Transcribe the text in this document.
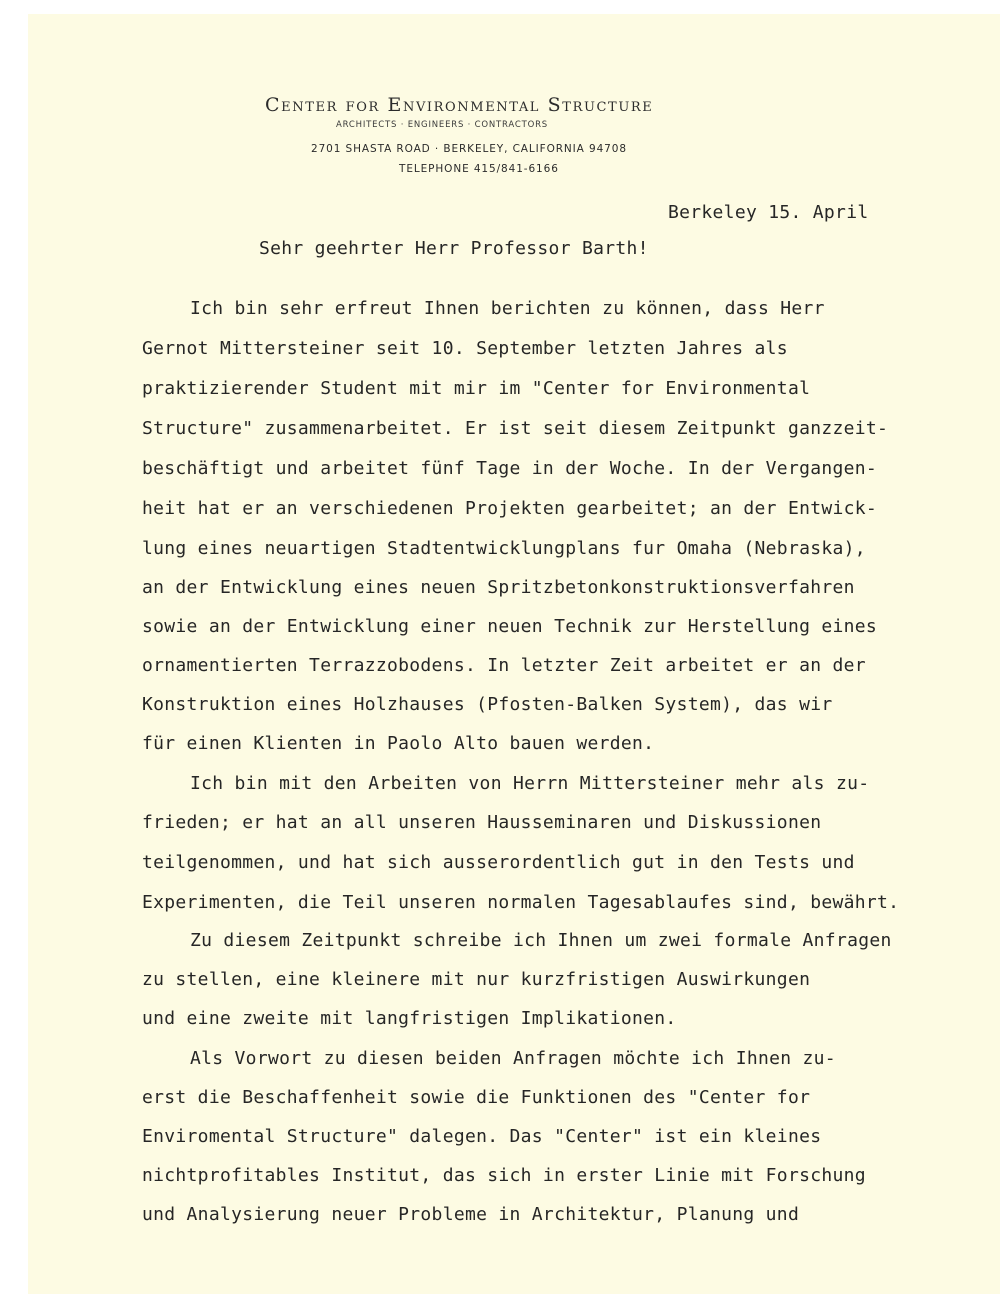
Center for Environmental Structure
ARCHITECTS · ENGINEERS · CONTRACTORS
2701 SHASTA ROAD · BERKELEY, CALIFORNIA 94708
TELEPHONE 415/841-6166
Berkeley 15. April
Sehr geehrter Herr Professor Barth!
Ich bin sehr erfreut Ihnen berichten zu können, dass Herr
Gernot Mittersteiner seit 10. September letzten Jahres als
praktizierender Student mit mir im "Center for Environmental
Structure" zusammenarbeitet. Er ist seit diesem Zeitpunkt ganzzeit-
beschäftigt und arbeitet fünf Tage in der Woche. In der Vergangen-
heit hat er an verschiedenen Projekten gearbeitet; an der Entwick-
lung eines neuartigen Stadtentwicklungplans fur Omaha (Nebraska),
an der Entwicklung eines neuen Spritzbetonkonstruktionsverfahren
sowie an der Entwicklung einer neuen Technik zur Herstellung eines
ornamentierten Terrazzobodens. In letzter Zeit arbeitet er an der
Konstruktion eines Holzhauses (Pfosten-Balken System), das wir
für einen Klienten in Paolo Alto bauen werden.
Ich bin mit den Arbeiten von Herrn Mittersteiner mehr als zu-
frieden; er hat an all unseren Hausseminaren und Diskussionen
teilgenommen, und hat sich ausserordentlich gut in den Tests und
Experimenten, die Teil unseren normalen Tagesablaufes sind, bewährt.
Zu diesem Zeitpunkt schreibe ich Ihnen um zwei formale Anfragen
zu stellen, eine kleinere mit nur kurzfristigen Auswirkungen
und eine zweite mit langfristigen Implikationen.
Als Vorwort zu diesen beiden Anfragen möchte ich Ihnen zu-
erst die Beschaffenheit sowie die Funktionen des "Center for
Enviromental Structure" dalegen. Das "Center" ist ein kleines
nichtprofitables Institut, das sich in erster Linie mit Forschung
und Analysierung neuer Probleme in Architektur, Planung und
